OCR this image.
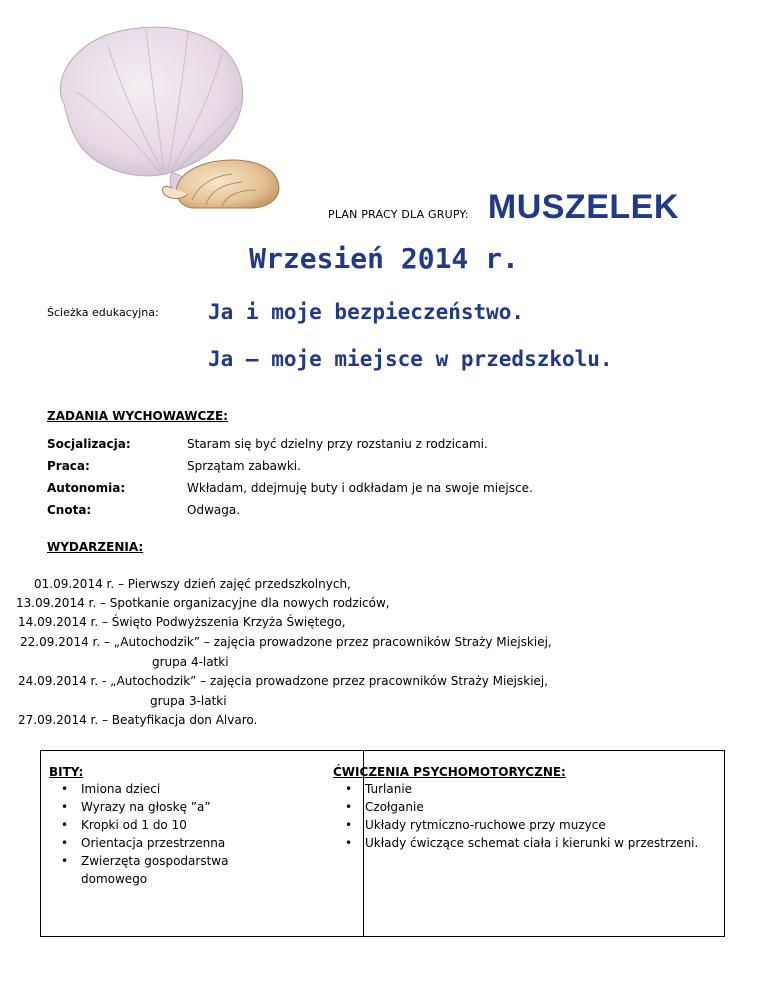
PLAN PRACY DLA GRUPY: MUSZELEK
Wrzesień 2014 r.
Ścieżka edukacyjna: Ja i moje bezpieczeństwo.
Ja – moje miejsce w przedszkolu.
ZADANIA WYCHOWAWCZE:
Socjalizacja:	Staram się być dzielny przy rozstaniu z rodzicami.
Praca:	Sprzątam zabawki.
Autonomia:	Wkładam, ddejmuję buty i odkładam je na swoje miejsce.
Cnota:	Odwaga.
WYDARZENIA:
01.09.2014 r. – Pierwszy dzień zajęć przedszkolnych,
13.09.2014 r. – Spotkanie organizacyjne dla nowych rodziców,
14.09.2014 r. – Święto Podwyższenia Krzyża Świętego,
22.09.2014 r. – „Autochodzik” – zajęcia prowadzone przez pracowników Straży Miejskiej,
grupa 4-latki
24.09.2014 r. - „Autochodzik” – zajęcia prowadzone przez pracowników Straży Miejskiej,
grupa 3-latki
27.09.2014 r. – Beatyfikacja don Alvaro.
BITY:
• Imiona dzieci
• Wyrazy na głoskę ”a”
• Kropki od 1 do 10
• Orientacja przestrzenna
• Zwierzęta gospodarstwa domowego
ĆWICZENIA PSYCHOMOTORYCZNE:
• Turlanie
• Czołganie
• Układy rytmiczno-ruchowe przy muzyce
• Układy ćwiczące schemat ciała i kierunki w przestrzeni.
